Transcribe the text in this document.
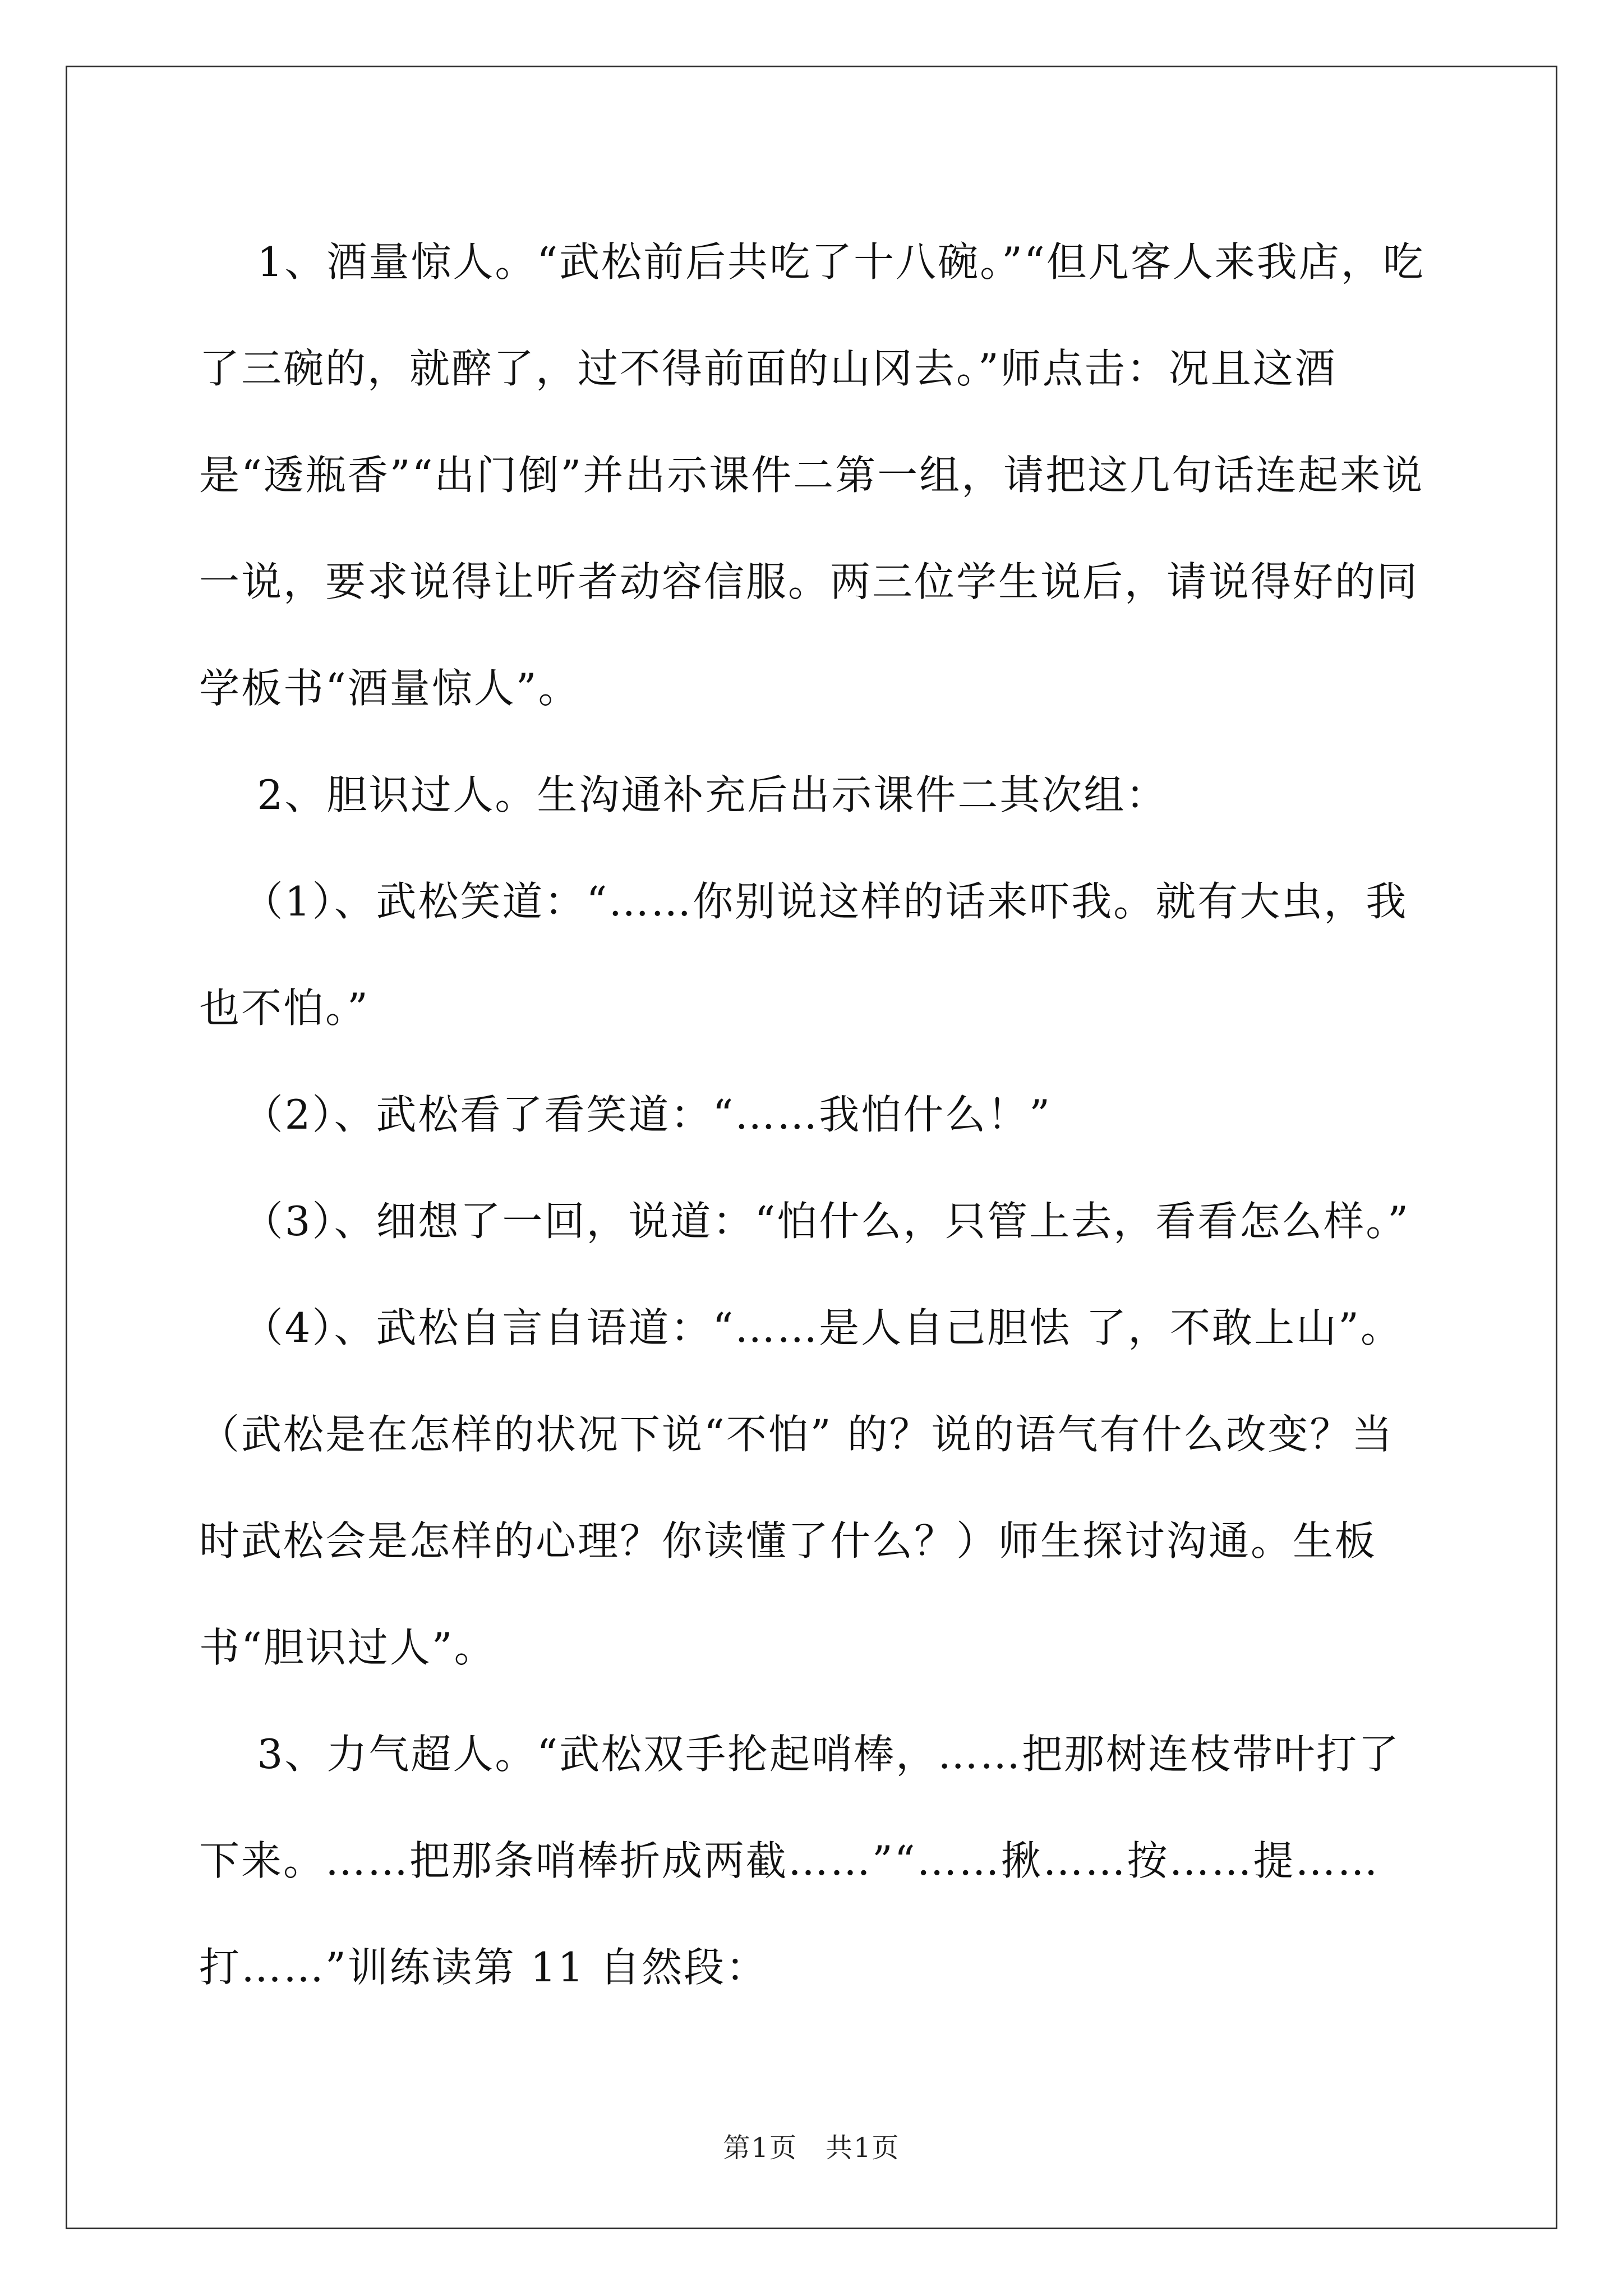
1、酒量惊人。“武松前后共吃了十八碗。”“但凡客人来我店，吃了三碗的，就醉了，过不得前面的山冈去。”师点击：况且这酒是“透瓶香”“出门倒”并出示课件二第一组，请把这几句话连起来说一说，要求说得让听者动容信服。两三位学生说后，请说得好的同学板书“酒量惊人”。

2、胆识过人。生沟通补充后出示课件二其次组：

（1）、武松笑道：“……你别说这样的话来吓我。就有大虫，我也不怕。”

（2）、武松看了看笑道：“……我怕什么！”

（3）、细想了一回，说道：“怕什么，只管上去，看看怎么样。”

（4）、武松自言自语道：“……是人自己胆怯 了，不敢上山”。（武松是在怎样的状况下说“不怕” 的？说的语气有什么改变？当时武松会是怎样的心理？你读懂了什么？）师生探讨沟通。生板书“胆识过人”。

3、力气超人。“武松双手抡起哨棒，……把那树连枝带叶打了下来。……把那条哨棒折成两截……”“……揪……按……提……打……”训练读第 11 自然段：

第1页　共1页
